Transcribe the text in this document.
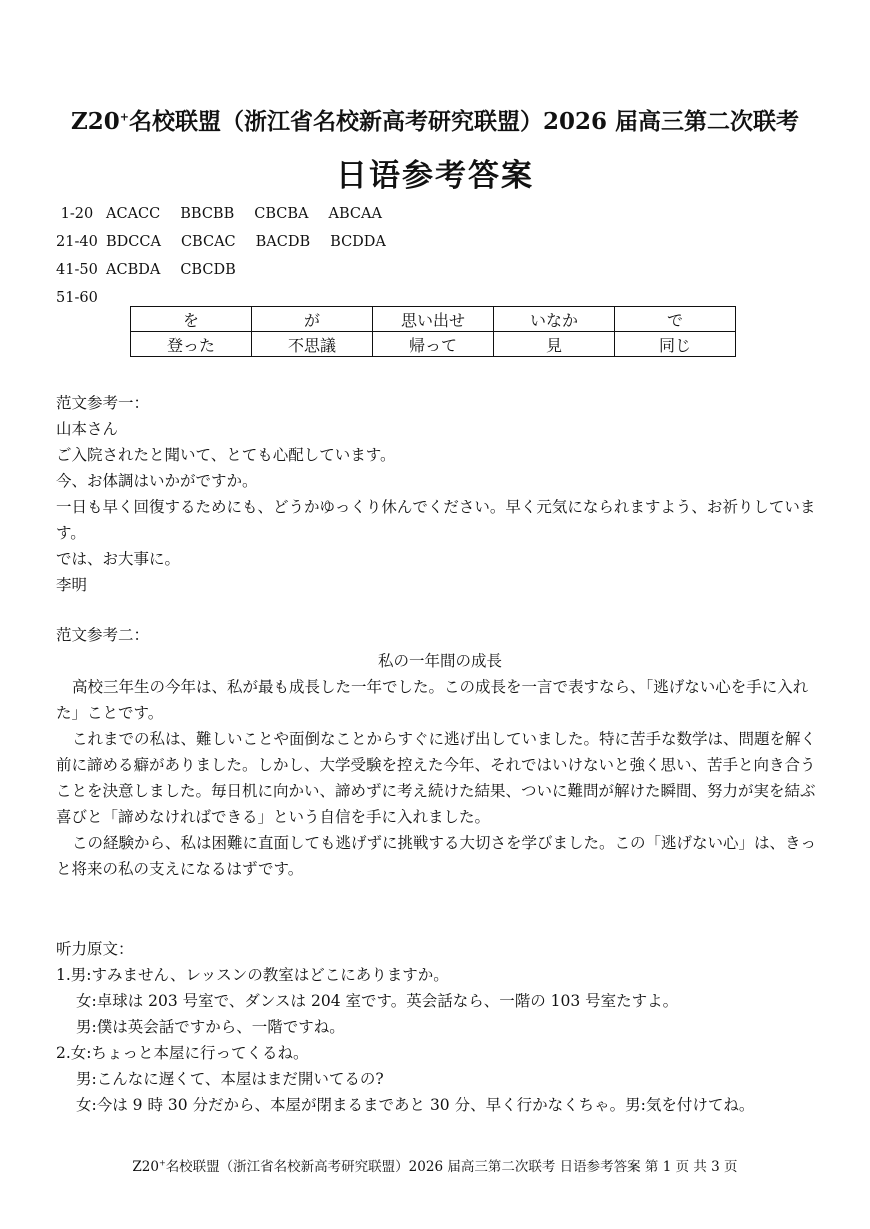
Z20+名校联盟（浙江省名校新高考研究联盟）2026 届高三第二次联考
日语参考答案
1-20 ACACC BBCBB CBCBA ABCAA
21-40 BDCCA CBCAC BACDB BCDDA
41-50 ACBDA CBCDB
51-60
を	が	思い出せ	いなか	で
登った	不思議	帰って	見	同じ

范文参考一：

山本さん

ご入院されたと聞いて、とても心配しています。

今、お体調はいかがですか。

一日も早く回復するためにも、どうかゆっくり休んでください。早く元気になられますよう、お祈りしています。

では、お大事に。

李明

范文参考二：

私の一年間の成長

高校三年生の今年は、私が最も成長した一年でした。この成長を一言で表すなら、「逃げない心を手に入れた」ことです。

これまでの私は、難しいことや面倒なことからすぐに逃げ出していました。特に苦手な数学は、問題を解く前に諦める癖がありました。しかし、大学受験を控えた今年、それではいけないと強く思い、苦手と向き合うことを決意しました。毎日机に向かい、諦めずに考え続けた結果、ついに難問が解けた瞬間、努力が実を結ぶ喜びと「諦めなければできる」という自信を手に入れました。

この経験から、私は困難に直面しても逃げずに挑戦する大切さを学びました。この「逃げない心」は、きっと将来の私の支えになるはずです。

听力原文：

1.男:すみません、レッスンの教室はどこにありますか。

女:卓球は 203 号室で、ダンスは 204 室です。英会話なら、一階の 103 号室たすよ。

男:僕は英会話ですから、一階ですね。

2.女:ちょっと本屋に行ってくるね。

男:こんなに遅くて、本屋はまだ開いてるの?

女:今は 9 時 30 分だから、本屋が閉まるまであと 30 分、早く行かなくちゃ。男:気を付けてね。

Z20+名校联盟（浙江省名校新高考研究联盟）2026 届高三第二次联考 日语参考答案 第 1 页 共 3 页
